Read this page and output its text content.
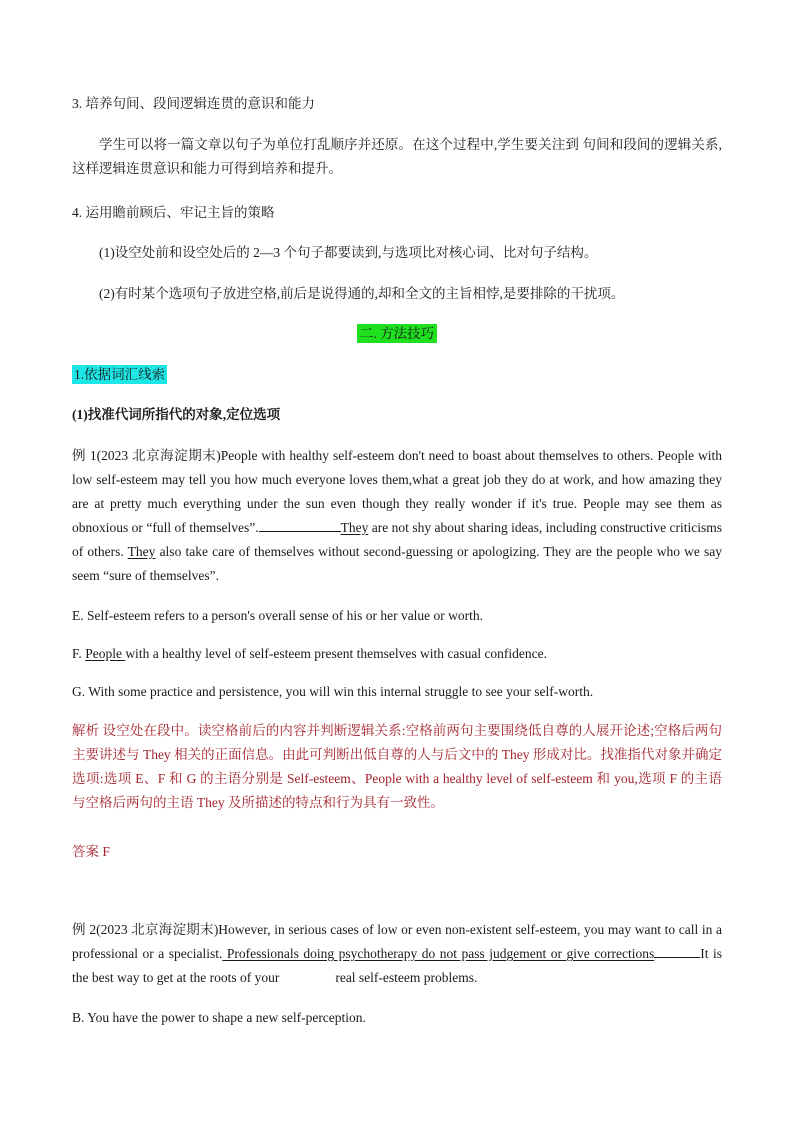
3. 培养句间、段间逻辑连贯的意识和能力

学生可以将一篇文章以句子为单位打乱顺序并还原。在这个过程中,学生要关注到 句间和段间的逻辑关系,这样逻辑连贯意识和能力可得到培养和提升。

4. 运用瞻前顾后、牢记主旨的策略

(1)设空处前和设空处后的 2—3 个句子都要读到,与选项比对核心词、比对句子结构。

(2)有时某个选项句子放进空格,前后是说得通的,却和全文的主旨相悖,是要排除的干扰项。

二. 方法技巧

1.依据词汇线索

(1)找准代词所指代的对象,定位选项

例 1(2023 北京海淀期末)People with healthy self-esteem don't need to boast about themselves to others. People with low self-esteem may tell you how much everyone loves them,what a great job they do at work, and how amazing they are at pretty much everything under the sun even though they really wonder if it's true. People may see them as obnoxious or “full of themselves”.	They are not shy about sharing ideas, including constructive criticisms of others. They also take care of themselves without second-guessing or apologizing. They are the people who we say seem “sure of themselves”.

E. Self-esteem refers to a person's overall sense of his or her value or worth.

F. People with a healthy level of self-esteem present themselves with casual confidence.

G. With some practice and persistence, you will win this internal struggle to see your self-worth.

解析 设空处在段中。读空格前后的内容并判断逻辑关系:空格前两句主要围绕低自尊的人展开论述;空格后两句主要讲述与 They 相关的正面信息。由此可判断出低自尊的人与后文中的 They 形成对比。找准指代对象并确定选项:选项 E、F 和 G 的主语分别是 Self-esteem、People with a healthy level of self-esteem 和 you,选项 F 的主语与空格后两句的主语 They 及所描述的特点和行为具有一致性。

答案 F

例 2(2023 北京海淀期末)However, in serious cases of low or even non-existent self-esteem, you may want to call in a professional or a specialist. Professionals doing psychotherapy do not pass judgement or give corrections	It is the best way to get at the roots of your	real self-esteem problems.

B. You have the power to shape a new self-perception.
